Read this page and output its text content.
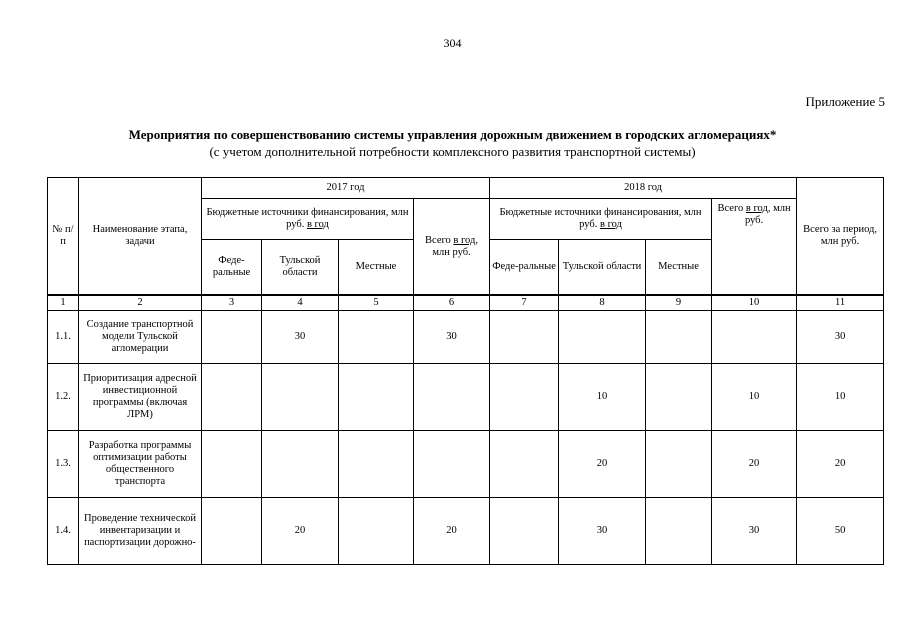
304
Приложение 5
Мероприятия по совершенствованию системы управления дорожным движением в городских агломерациях*
(с учетом дополнительной потребности комплексного развития транспортной системы)
№ п/п	Наименование этапа, задачи	2017 год				2018 год				Всего за период, млн руб.
		Бюджетные источники финансирования, млн руб. в год			Всего в год, млн руб.	Бюджетные источники финансирования, млн руб. в год			Всего в год, млн руб.	
		Феде-ральные	Тульской области	Местные		Феде-ральные	Тульской области	Местные		
1	2	3	4	5	6	7	8	9	10	11
1.1.	Создание транспортной модели Тульской агломерации		30		30					30
1.2.	Приоритизация адресной инвестиционной программы (включая ЛРМ)						10		10	10
1.3.	Разработка программы оптимизации работы общественного транспорта						20		20	20
1.4.	Проведение технической инвентаризации и паспортизации дорожно-		20		20		30		30	50
